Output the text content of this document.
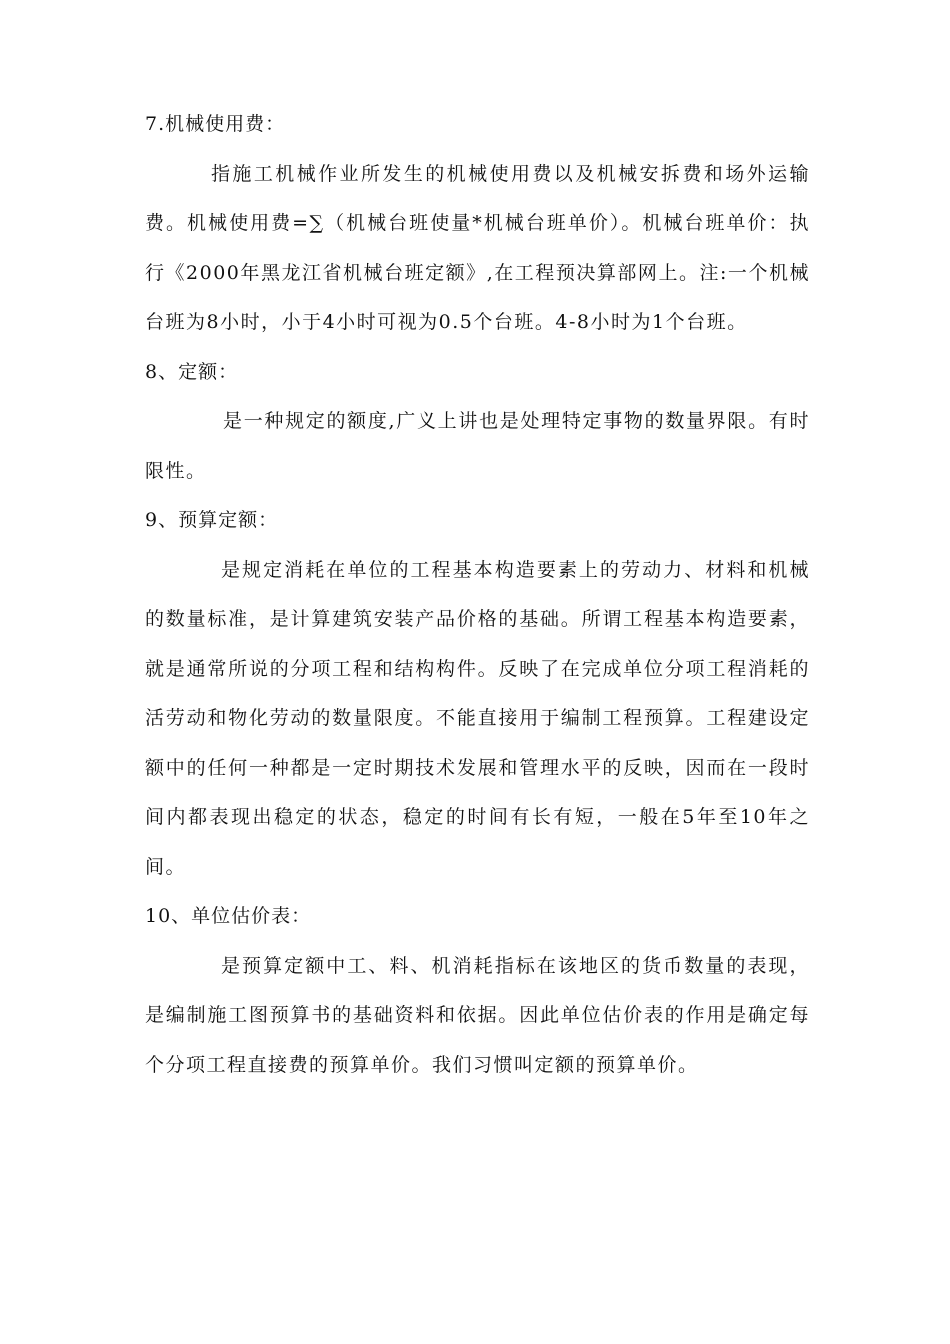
7.机械使用费：

指施工机械作业所发生的机械使用费以及机械安拆费和场外运输费。机械使用费=∑（机械台班使量*机械台班单价）。机械台班单价：执行《2000年黑龙江省机械台班定额》,在工程预决算部网上。注:一个机械台班为8小时，小于4小时可视为0.5个台班。4-8小时为1个台班。

8、定额：

是一种规定的额度,广义上讲也是处理特定事物的数量界限。有时限性。

9、预算定额：

是规定消耗在单位的工程基本构造要素上的劳动力、材料和机械的数量标准，是计算建筑安装产品价格的基础。所谓工程基本构造要素，就是通常所说的分项工程和结构构件。反映了在完成单位分项工程消耗的活劳动和物化劳动的数量限度。不能直接用于编制工程预算。工程建设定额中的任何一种都是一定时期技术发展和管理水平的反映，因而在一段时间内都表现出稳定的状态，稳定的时间有长有短，一般在5年至10年之间。

10、单位估价表：

是预算定额中工、料、机消耗指标在该地区的货币数量的表现，是编制施工图预算书的基础资料和依据。因此单位估价表的作用是确定每个分项工程直接费的预算单价。我们习惯叫定额的预算单价。
